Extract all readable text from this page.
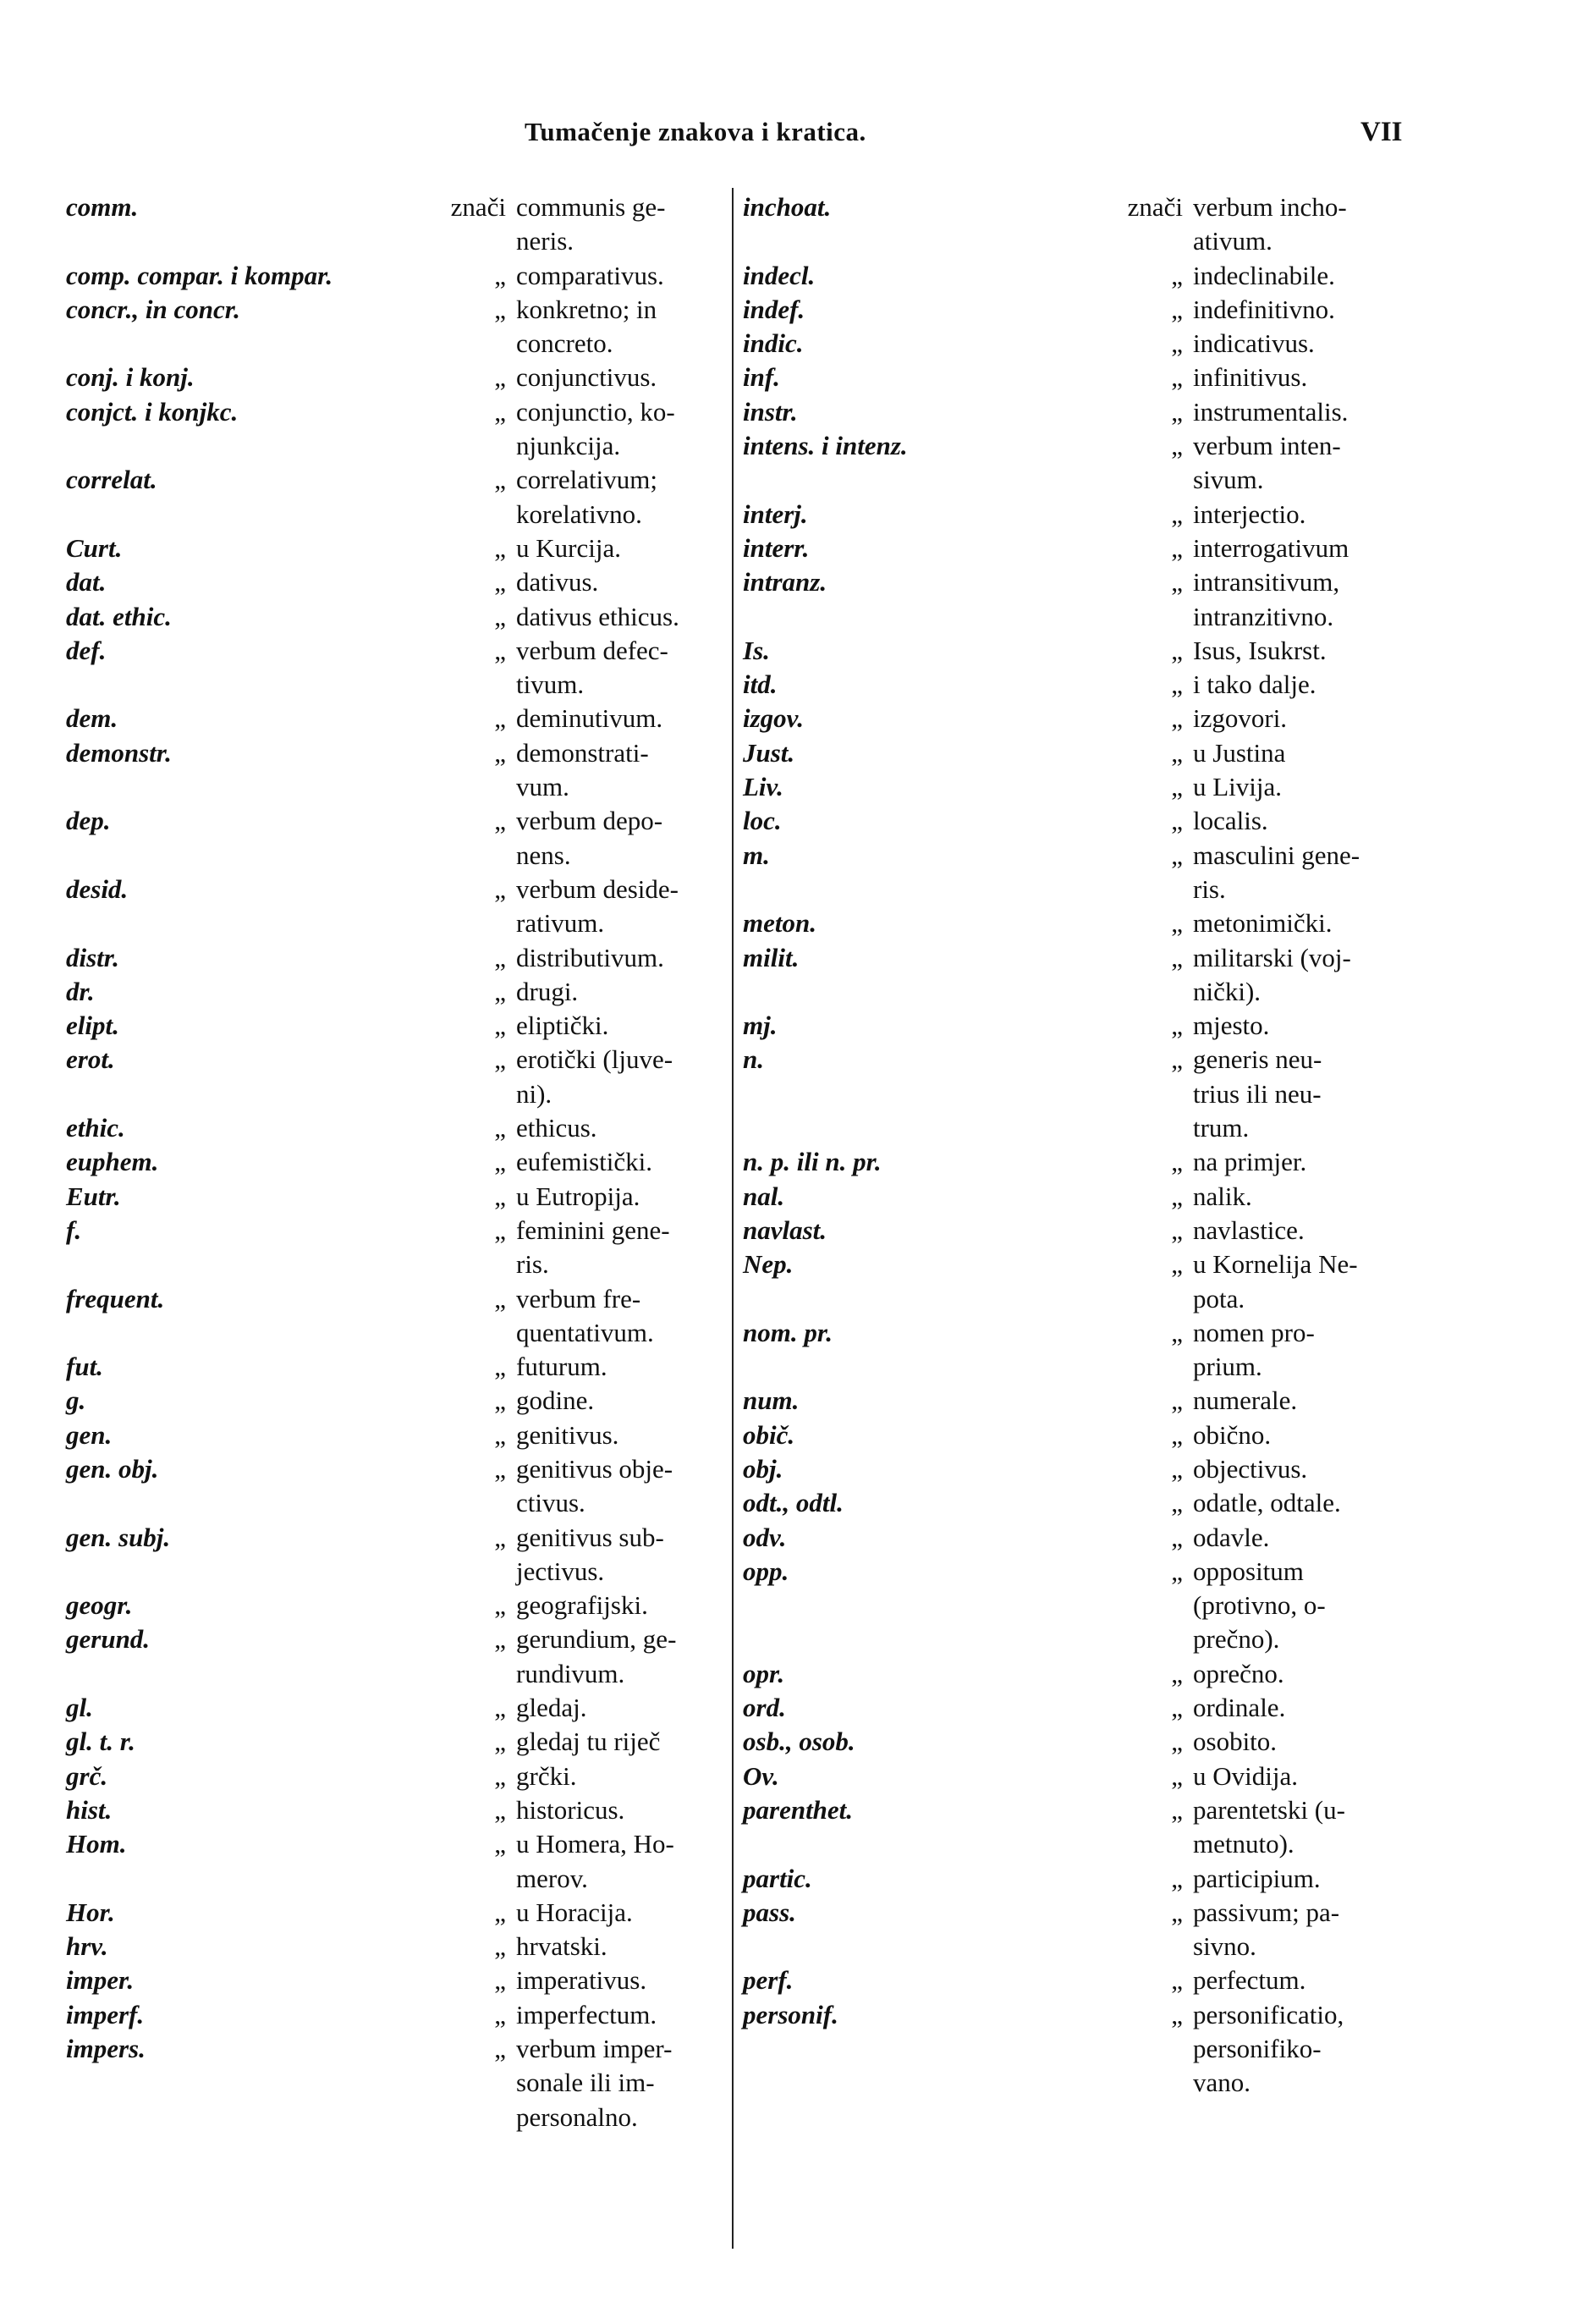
Tumačenje znakova i kratica.	VII
comm.	znači communis ge-
neris.
comp. compar. i kompar.	„ comparativus.
concr., in concr.	„ konkretno; in
concreto.
conj. i konj.	„ conjunctivus.
conjct. i konjkc.	„ conjunctio, ko-
njunkcija.
correlat.	„ correlativum;
korelativno.
Curt.	„ u Kurcija.
dat.	„ dativus.
dat. ethic.	„ dativus ethicus.
def.	„ verbum defec-
tivum.
dem.	„ deminutivum.
demonstr.	„ demonstrati-
vum.
dep.	„ verbum depo-
nens.
desid.	„ verbum deside-
rativum.
distr.	„ distributivum.
dr.	„ drugi.
elipt.	„ eliptički.
erot.	„ erotički (ljuve-
ni).
ethic.	„ ethicus.
euphem.	„ eufemistički.
Eutr.	„ u Eutropija.
f.	„ feminini gene-
ris.
frequent.	„ verbum fre-
quentativum.
fut.	„ futurum.
g.	„ godine.
gen.	„ genitivus.
gen. obj.	„ genitivus obje-
ctivus.
gen. subj.	„ genitivus sub-
jectivus.
geogr.	„ geografijski.
gerund.	„ gerundium, ge-
rundivum.
gl.	„ gledaj.
gl. t. r.	„ gledaj tu riječ
grč.	„ grčki.
hist.	„ historicus.
Hom.	„ u Homera, Ho-
merov.
Hor.	„ u Horacija.
hrv.	„ hrvatski.
imper.	„ imperativus.
imperf.	„ imperfectum.
impers.	„ verbum imper-
sonale ili im-
personalno.
inchoat.	znači verbum incho-
ativum.
indecl.	„ indeclinabile.
indef.	„ indefinitivno.
indic.	„ indicativus.
inf.	„ infinitivus.
instr.	„ instrumentalis.
intens. i intenz.	„ verbum inten-
sivum.
interj.	„ interjectio.
interr.	„ interrogativum
intranz.	„ intransitivum,
intranzitivno.
Is.	„ Isus, Isukrst.
itd.	„ i tako dalje.
izgov.	„ izgovori.
Just.	„ u Justina
Liv.	„ u Livija.
loc.	„ localis.
m.	„ masculini gene-
ris.
meton.	„ metonimički.
milit.	„ militarski (voj-
nički).
mj.	„ mjesto.
n.	„ generis neu-
trius ili neu-
trum.
n. p. ili n. pr.	„ na primjer.
nal.	„ nalik.
navlast.	„ navlastice.
Nep.	„ u Kornelija Ne-
pota.
nom. pr.	„ nomen pro-
prium.
num.	„ numerale.
obič.	„ obično.
obj.	„ objectivus.
odt., odtl.	„ odatle, odtale.
odv.	„ odavle.
opp.	„ oppositum
(protivno, o-
prečno).
opr.	„ oprečno.
ord.	„ ordinale.
osb., osob.	„ osobito.
Ov.	„ u Ovidija.
parenthet.	„ parentetski (u-
metnuto).
partic.	„ participium.
pass.	„ passivum; pa-
sivno.
perf.	„ perfectum.
personif.	„ personificatio,
personifiko-
vano.
